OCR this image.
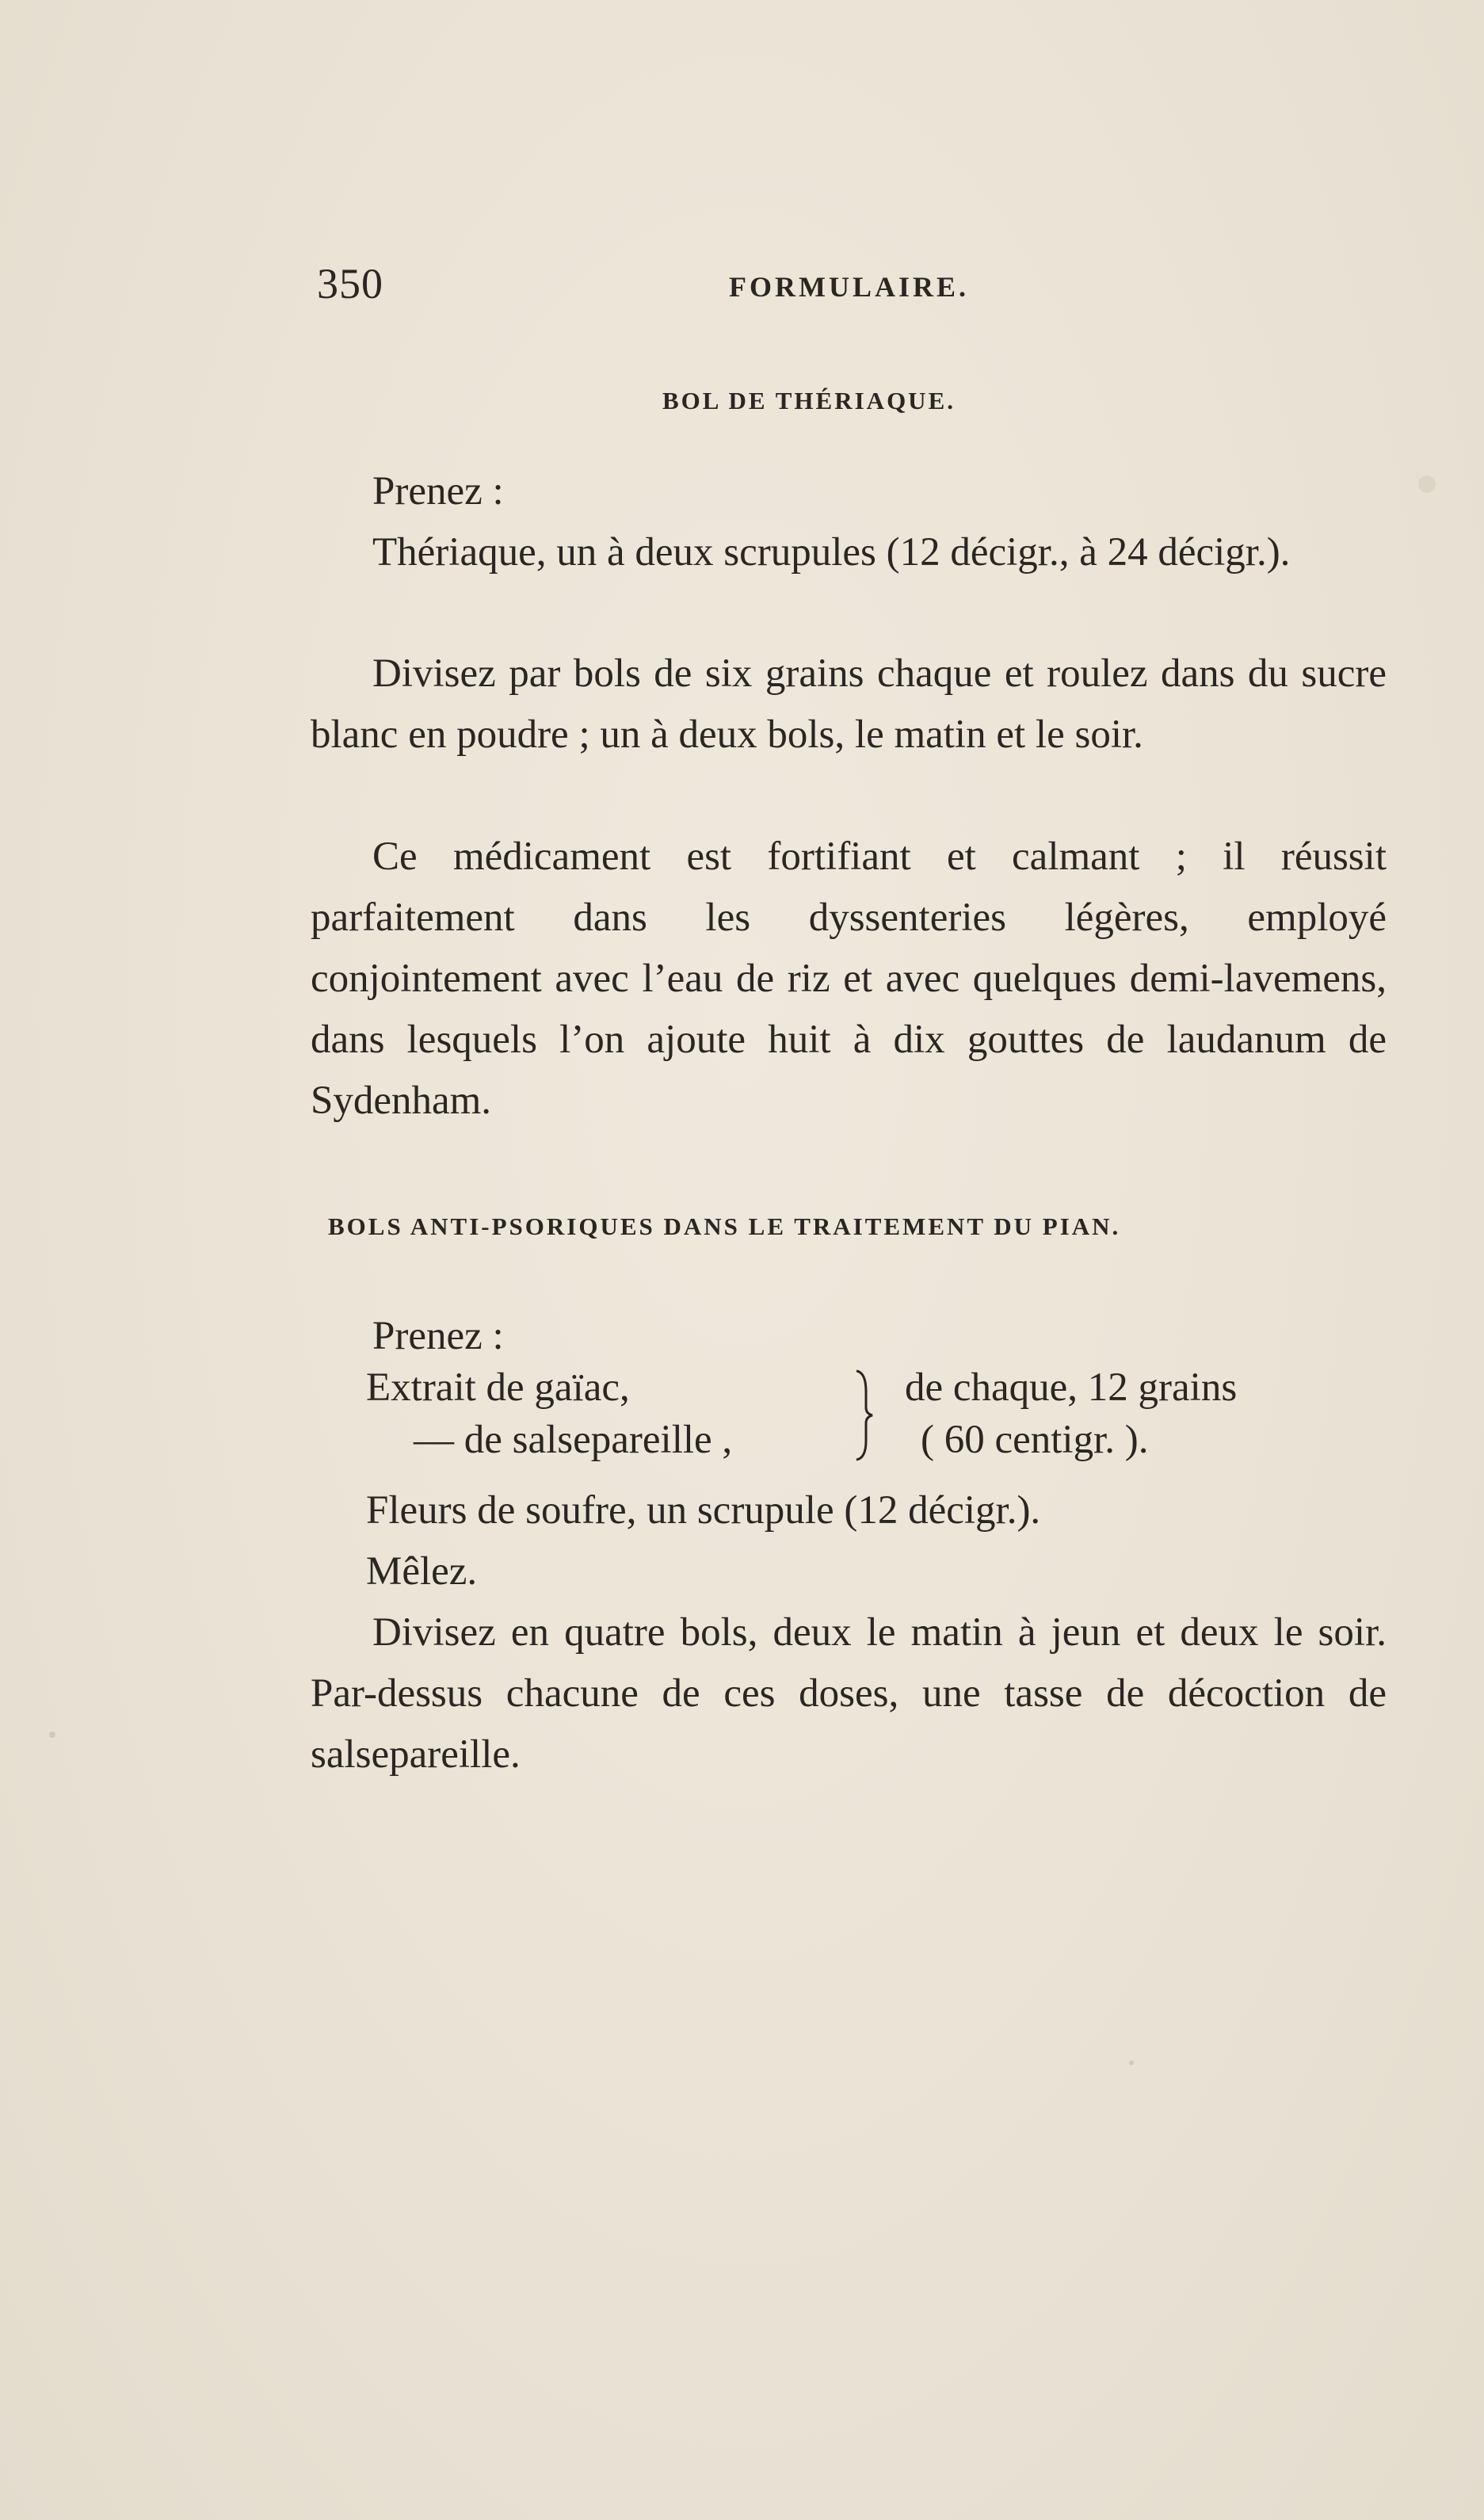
350	FORMULAIRE.
BOL DE THÉRIAQUE.

Prenez :

Thériaque, un à deux scrupules (12 décigr., à 24 décigr.).

Divisez par bols de six grains chaque et roulez dans du sucre blanc en poudre ; un à deux bols, le matin et le soir.

Ce médicament est fortifiant et calmant ; il réussit parfaitement dans les dyssenteries légères, employé conjointement avec l’eau de riz et avec quelques demi-lavemens, dans lesquels l’on ajoute huit à dix gouttes de laudanum de Sydenham.

BOLS ANTI-PSORIQUES DANS LE TRAITEMENT DU PIAN.

Prenez :

Extrait de gaïac,
— de salsepareille ,
de chaque, 12 grains
( 60 centigr. ).

Fleurs de soufre, un scrupule (12 décigr.).

Mêlez.

Divisez en quatre bols, deux le matin à jeun et deux le soir. Par-dessus chacune de ces doses, une tasse de décoction de salsepareille.
